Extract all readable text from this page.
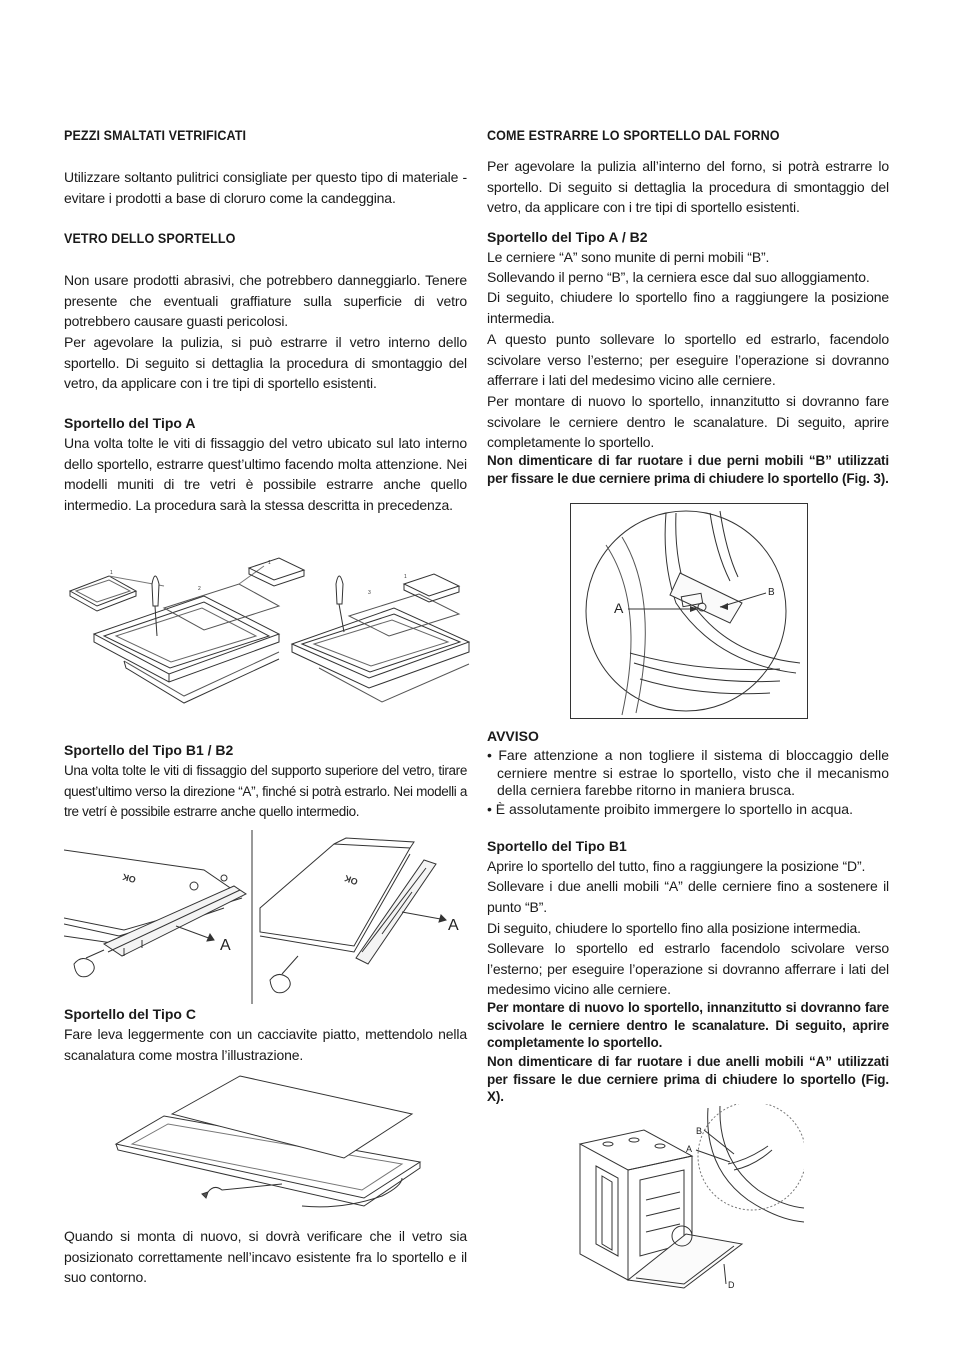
PEZZI SMALTATI VETRIFICATI
Utilizzare soltanto pulitrici consigliate per questo tipo di materiale - evitare i prodotti a base di cloruro come la candeggina.
VETRO DELLO SPORTELLO
Non usare prodotti abrasivi, che potrebbero danneggiarlo. Tenere presente che eventuali graffiature sulla superficie di vetro potrebbero causare guasti pericolosi.
Per agevolare la pulizia, si può estrarre il vetro interno dello sportello. Di seguito si dettaglia la procedura di smontaggio del vetro, da applicare con i tre tipi di sportello esistenti.
Sportello del Tipo A
Una volta tolte le viti di fissaggio del vetro ubicato sul lato interno dello sportello, estrarre quest’ultimo facendo molta attenzione. Nei modelli muniti di tre vetri è possibile estrarre anche quello intermedio. La procedura sarà la stessa descritta in precedenza.
Sportello del Tipo B1 / B2
Una volta tolte le viti di fissaggio del supporto superiore del vetro, tirare quest’ultimo verso la direzione “A”, finché si potrà estrarlo. Nei modelli a tre vetrí è possibile estrarre anche quello intermedio.
Sportello del Tipo C
Fare leva leggermente con un cacciavite piatto, mettendolo nella scanalatura come mostra l’illustrazione.
Quando si monta di nuovo, si dovrà verificare che il vetro sia posizionato correttamente nell’incavo esistente fra lo sportello e il suo contorno.
COME ESTRARRE LO SPORTELLO DAL FORNO
Per agevolare la pulizia all’interno del forno, si potrà estrarre lo sportello. Di seguito si dettaglia la procedura di smontaggio del vetro, da applicare con i tre tipi di sportello esistenti.
Sportello del Tipo A / B2
Le cerniere “A” sono munite di perni mobili “B”.
Sollevando il perno “B”, la cerniera esce dal suo alloggiamento.
Di seguito, chiudere lo sportello fino a raggiungere la posizione intermedia.
A questo punto sollevare lo sportello ed estrarlo, facendolo scivolare verso l’esterno; per eseguire l’operazione si dovranno afferrare i lati del medesimo vicino alle cerniere.
Per montare di nuovo lo sportello, innanzitutto si dovranno fare scivolare le cerniere dentro le scanalature. Di seguito, aprire completamente lo sportello.
Non dimenticare di far ruotare i due perni mobili “B” utilizzati per fissare le due cerniere prima di chiudere lo sportello (Fig. 3).
AVVISO
• Fare attenzione a non togliere il sistema di bloccaggio delle cerniere mentre si estrae lo sportello, visto che il mecanismo della cerniera farebbe ritorno in maniera brusca.
• È assolutamente proibito immergere lo sportello in acqua.
Sportello del Tipo B1
Aprire lo sportello del tutto, fino a raggiungere la posizione “D”.
Sollevare i due anelli mobili “A” delle cerniere fino a sostenere il punto “B”.
Di seguito, chiudere lo sportello fino alla posizione intermedia.
Sollevare lo sportello ed estrarlo facendolo scivolare verso l’esterno; per eseguire l’operazione si dovranno afferrare i lati del medesimo vicino alle cerniere.
Per montare di nuovo lo sportello, innanzitutto si dovranno fare scivolare le cerniere dentro le scanalature. Di seguito, aprire completamente lo sportello.
Non dimenticare di far ruotare i due anelli mobili “A” utilizzati per fissare le due cerniere prima di chiudere lo sportello (Fig. X).
1
2
1
1
3
OK	OK
A
A
A
B
B
A
D
